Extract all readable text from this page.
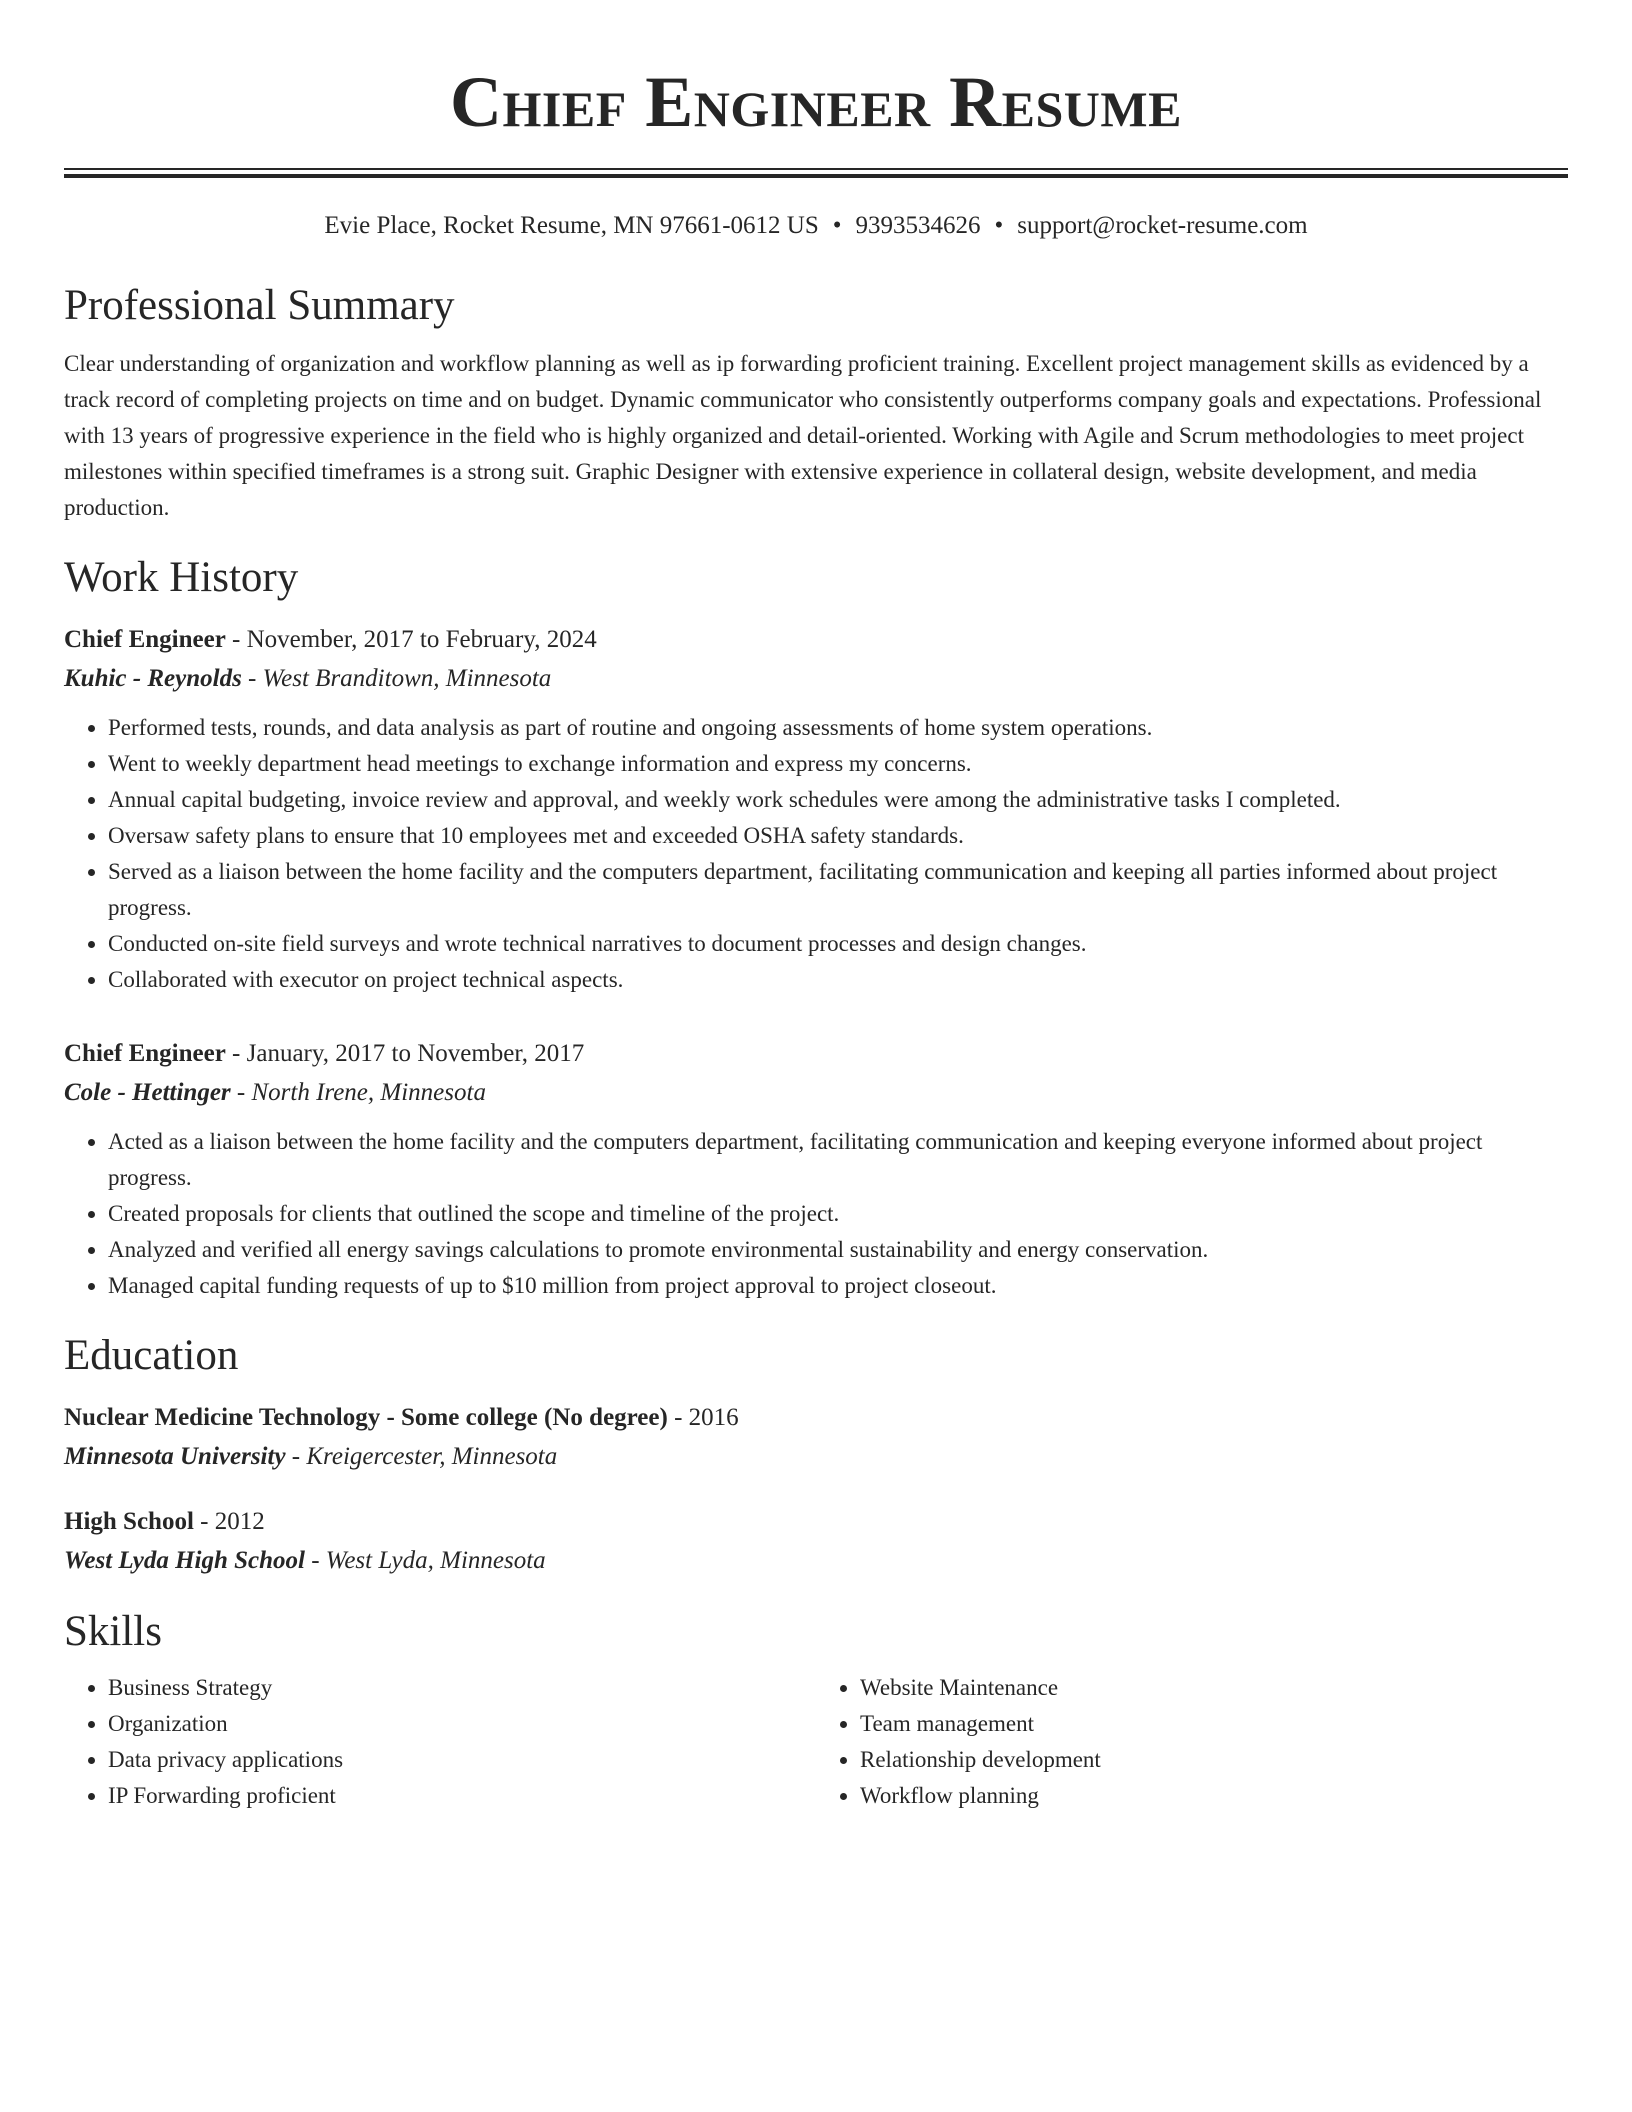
Chief Engineer Resume
Evie Place, Rocket Resume, MN 97661-0612 US • 9393534626 • support@rocket-resume.com
Professional Summary

Clear understanding of organization and workflow planning as well as ip forwarding proficient training. Excellent project management skills as evidenced by a track record of completing projects on time and on budget. Dynamic communicator who consistently outperforms company goals and expectations. Professional with 13 years of progressive experience in the field who is highly organized and detail-oriented. Working with Agile and Scrum methodologies to meet project milestones within specified timeframes is a strong suit. Graphic Designer with extensive experience in collateral design, website development, and media production.

Work History
Chief Engineer - November, 2017 to February, 2024
Kuhic - Reynolds - West Branditown, Minnesota
• Performed tests, rounds, and data analysis as part of routine and ongoing assessments of home system operations.
• Went to weekly department head meetings to exchange information and express my concerns.
• Annual capital budgeting, invoice review and approval, and weekly work schedules were among the administrative tasks I completed.
• Oversaw safety plans to ensure that 10 employees met and exceeded OSHA safety standards.
• Served as a liaison between the home facility and the computers department, facilitating communication and keeping all parties informed about project progress.
• Conducted on-site field surveys and wrote technical narratives to document processes and design changes.
• Collaborated with executor on project technical aspects.
Chief Engineer - January, 2017 to November, 2017
Cole - Hettinger - North Irene, Minnesota
• Acted as a liaison between the home facility and the computers department, facilitating communication and keeping everyone informed about project progress.
• Created proposals for clients that outlined the scope and timeline of the project.
• Analyzed and verified all energy savings calculations to promote environmental sustainability and energy conservation.
• Managed capital funding requests of up to $10 million from project approval to project closeout.
Education
Nuclear Medicine Technology - Some college (No degree) - 2016
Minnesota University - Kreigercester, Minnesota
High School - 2012
West Lyda High School - West Lyda, Minnesota
Skills
• Business Strategy
• Organization
• Data privacy applications
• IP Forwarding proficient
• Website Maintenance
• Team management
• Relationship development
• Workflow planning
